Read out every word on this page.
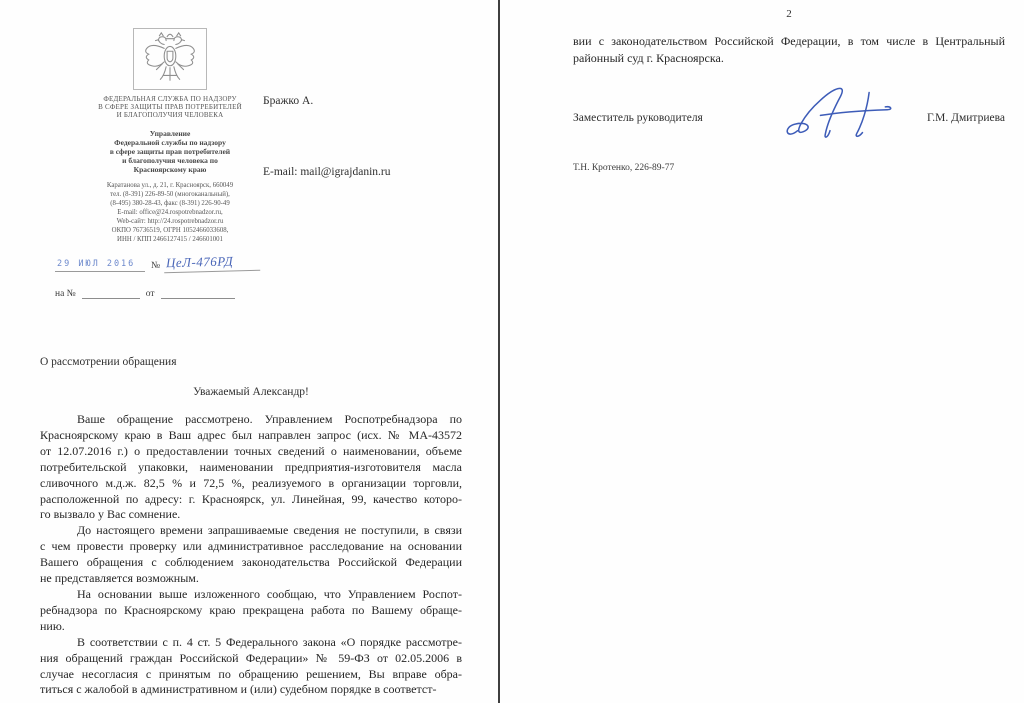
ФЕДЕРАЛЬНАЯ СЛУЖБА ПО НАДЗОРУ
В СФЕРЕ ЗАЩИТЫ ПРАВ ПОТРЕБИТЕЛЕЙ
И БЛАГОПОЛУЧИЯ ЧЕЛОВЕКА
Управление
Федеральной службы по надзору
в сфере защиты прав потребителей
и благополучия человека по
Красноярскому краю
Каратанова ул., д. 21, г. Красноярск, 660049
тел. (8-391) 226-89-50 (многоканальный),
(8-495) 380-28-43, факс (8-391) 226-90-49
E-mail: office@24.rospotrebnadzor.ru,
Web-сайт: http://24.rospotrebnadzor.ru
ОКПО 76736519, ОГРН 1052466033608,
ИНН / КПП 2466127415 / 246601001
29 ИЮЛ 2016	№ ЦеЛ-476РД
на №	от
Бражко А.
E-mail: mail@igrajdanin.ru
О рассмотрении обращения
Уважаемый Александр!
Ваше обращение рассмотрено. Управлением Роспотребнадзора по
Красноярскому краю в Ваш адрес был направлен запрос (исх. № МА-43572
от 12.07.2016 г.) о предоставлении точных сведений о наименовании, объеме
потребительской упаковки, наименовании предприятия-изготовителя масла
сливочного м.д.ж. 82,5 % и 72,5 %, реализуемого в организации торговли,
расположенной по адресу: г. Красноярск, ул. Линейная, 99, качество которо-
го вызвало у Вас сомнение.
До настоящего времени запрашиваемые сведения не поступили, в связи
с чем провести проверку или административное расследование на основании
Вашего обращения с соблюдением законодательства Российской Федерации
не представляется возможным.
На основании выше изложенного сообщаю, что Управлением Роспот-
ребнадзора по Красноярскому краю прекращена работа по Вашему обраще-
нию.
В соответствии с п. 4 ст. 5 Федерального закона «О порядке рассмотре-
ния обращений граждан Российской Федерации» № 59-ФЗ от 02.05.2006 в
случае несогласия с принятым по обращению решением, Вы вправе обра-
титься с жалобой в административном и (или) судебном порядке в соответст-
2
вии с законодательством Российской Федерации, в том числе в Центральный
районный суд г. Красноярска.
Заместитель руководителя	Г.М. Дмитриева
Т.Н. Кротенко, 226-89-77
